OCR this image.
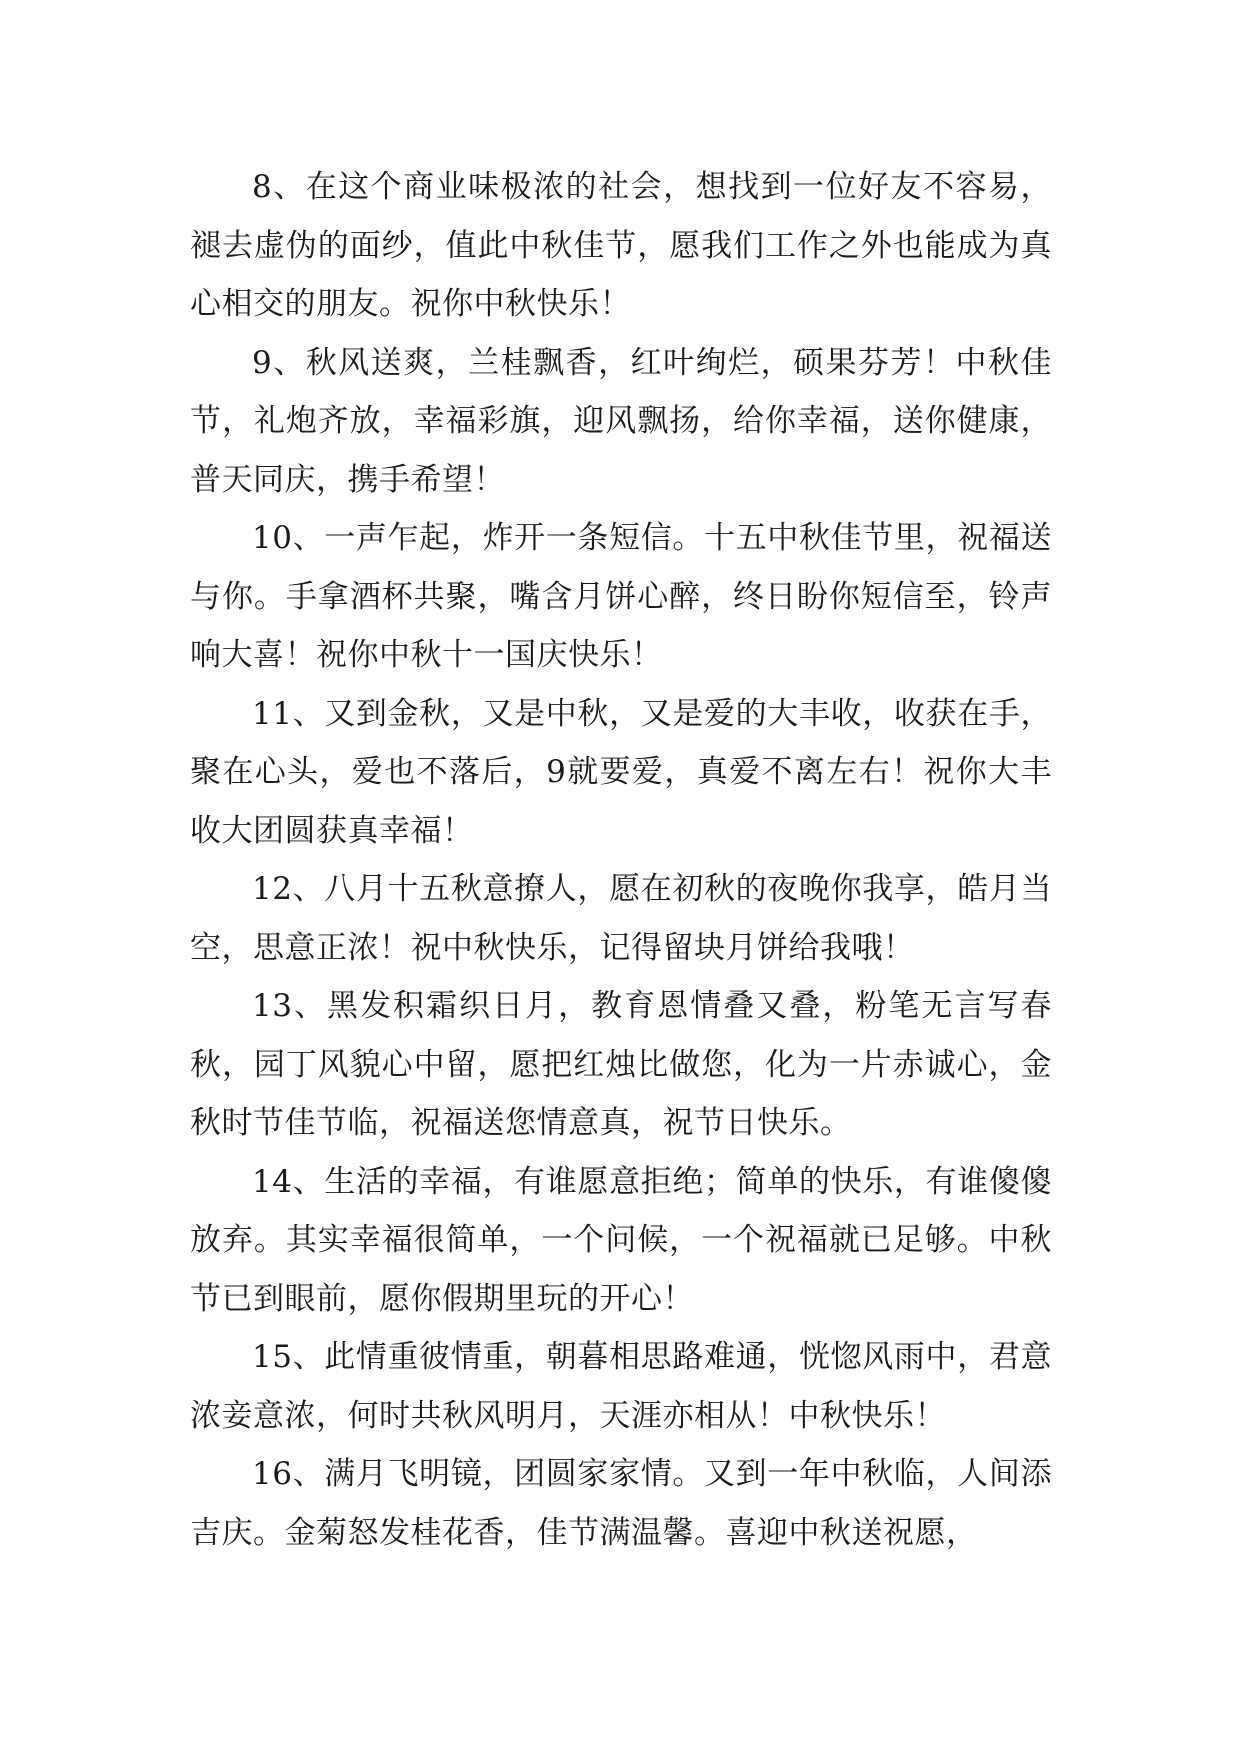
8、在这个商业味极浓的社会，想找到一位好友不容易，褪去虚伪的面纱，值此中秋佳节，愿我们工作之外也能成为真心相交的朋友。祝你中秋快乐！

9、秋风送爽，兰桂飘香，红叶绚烂，硕果芬芳！中秋佳节，礼炮齐放，幸福彩旗，迎风飘扬，给你幸福，送你健康，普天同庆，携手希望！

10、一声乍起，炸开一条短信。十五中秋佳节里，祝福送与你。手拿酒杯共聚，嘴含月饼心醉，终日盼你短信至，铃声响大喜！祝你中秋十一国庆快乐！

11、又到金秋，又是中秋，又是爱的大丰收，收获在手，聚在心头，爱也不落后，9就要爱，真爱不离左右！祝你大丰收大团圆获真幸福！

12、八月十五秋意撩人，愿在初秋的夜晚你我享，皓月当空，思意正浓！祝中秋快乐，记得留块月饼给我哦！

13、黑发积霜织日月，教育恩情叠又叠，粉笔无言写春秋，园丁风貌心中留，愿把红烛比做您，化为一片赤诚心，金秋时节佳节临，祝福送您情意真，祝节日快乐。

14、生活的幸福，有谁愿意拒绝；简单的快乐，有谁傻傻放弃。其实幸福很简单，一个问候，一个祝福就已足够。中秋节已到眼前，愿你假期里玩的开心！

15、此情重彼情重，朝暮相思路难通，恍惚风雨中，君意浓妾意浓，何时共秋风明月，天涯亦相从！中秋快乐！

16、满月飞明镜，团圆家家情。又到一年中秋临，人间添吉庆。金菊怒发桂花香，佳节满温馨。喜迎中秋送祝愿，
